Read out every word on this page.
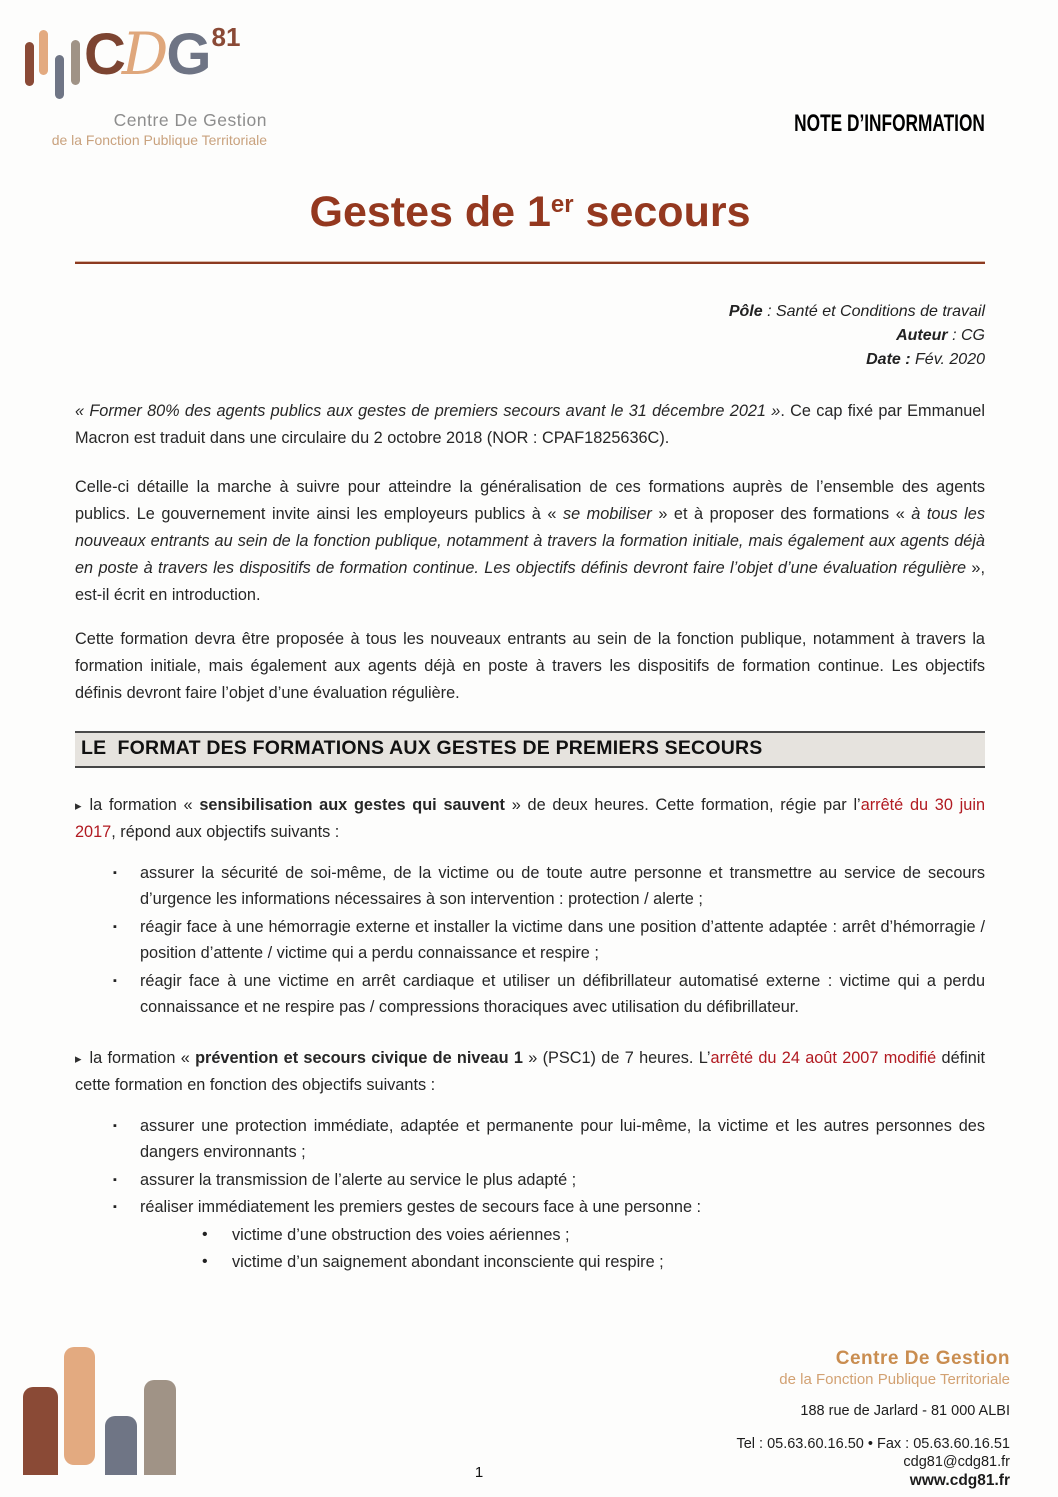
CDG81
Centre De Gestion
de la Fonction Publique Territoriale
NOTE D’INFORMATION
Gestes de 1er secours
Pôle : Santé et Conditions de travail
Auteur : CG
Date : Fév. 2020

« Former 80% des agents publics aux gestes de premiers secours avant le 31 décembre 2021 ». Ce cap fixé par Emmanuel Macron est traduit dans une circulaire du 2 octobre 2018 (NOR : CPAF1825636C).

Celle-ci détaille la marche à suivre pour atteindre la généralisation de ces formations auprès de l’ensemble des agents publics. Le gouvernement invite ainsi les employeurs publics à « se mobiliser » et à proposer des formations « à tous les nouveaux entrants au sein de la fonction publique, notamment à travers la formation initiale, mais également aux agents déjà en poste à travers les dispositifs de formation continue. Les objectifs définis devront faire l’objet d’une évaluation régulière », est-il écrit en introduction.

Cette formation devra être proposée à tous les nouveaux entrants au sein de la fonction publique, notamment à travers la formation initiale, mais également aux agents déjà en poste à travers les dispositifs de formation continue. Les objectifs définis devront faire l’objet d’une évaluation régulière.

LE  FORMAT DES FORMATIONS AUX GESTES DE PREMIERS SECOURS
▸ la formation « sensibilisation aux gestes qui sauvent » de deux heures. Cette formation, régie par l’arrêté du 30 juin 2017, répond aux objectifs suivants :
▪ assurer la sécurité de soi-même, de la victime ou de toute autre personne et transmettre au service de secours d’urgence les informations nécessaires à son intervention : protection / alerte ;
▪ réagir face à une hémorragie externe et installer la victime dans une position d’attente adaptée : arrêt d’hémorragie / position d’attente / victime qui a perdu connaissance et respire ;
▪ réagir face à une victime en arrêt cardiaque et utiliser un défibrillateur automatisé externe : victime qui a perdu connaissance et ne respire pas / compressions thoraciques avec utilisation du défibrillateur.
▸ la formation « prévention et secours civique de niveau 1 » (PSC1) de 7 heures. L’arrêté du 24 août 2007 modifié définit cette formation en fonction des objectifs suivants :
▪ assurer une protection immédiate, adaptée et permanente pour lui-même, la victime et les autres personnes des dangers environnants ;
▪ assurer la transmission de l’alerte au service le plus adapté ;
▪ réaliser immédiatement les premiers gestes de secours face à une personne :
• victime d’une obstruction des voies aériennes ;
• victime d’un saignement abondant inconsciente qui respire ;
Centre De Gestion
de la Fonction Publique Territoriale
188 rue de Jarlard - 81 000 ALBI
Tel : 05.63.60.16.50 • Fax : 05.63.60.16.51
cdg81@cdg81.fr
www.cdg81.fr
1
